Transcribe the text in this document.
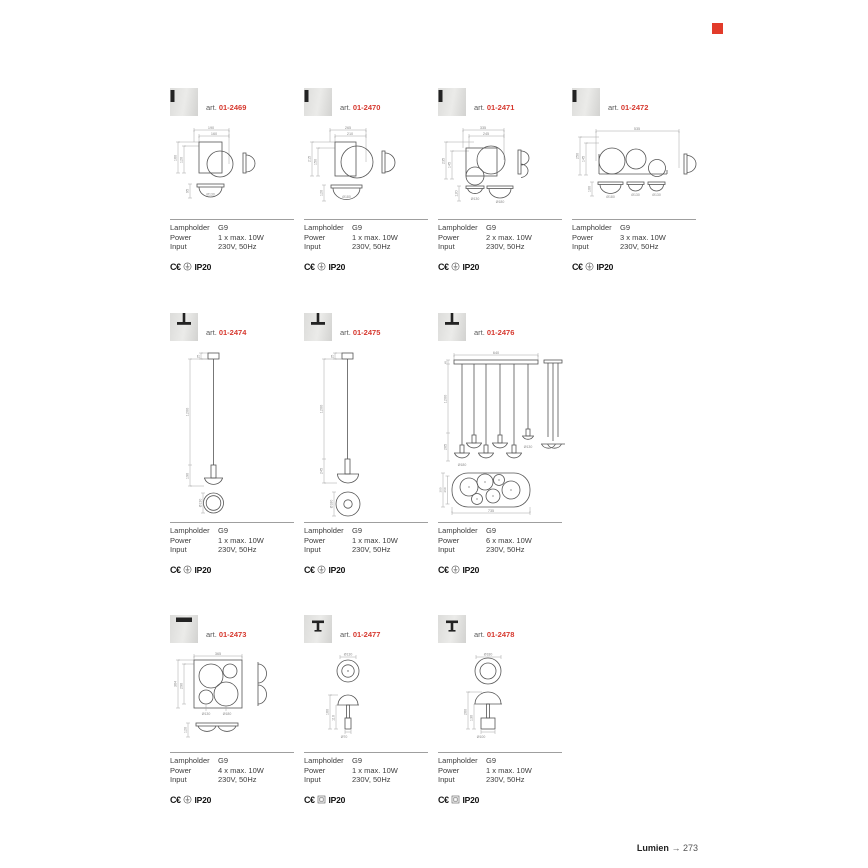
art. 01-2469
190
160
160 120
95
Ø130
Lampholder	G9
Power	1 x max. 10W
Input	230V, 50Hz
C€ IP20
art. 01-2470
265
210
215 150
120
Ø180
Lampholder	G9
Power	1 x max. 10W
Input	230V, 50Hz
C€ IP20
art. 01-2471
335
245
235
145
120
Ø130
Ø180
Lampholder	G9
Power	2 x max. 10W
Input	230V, 50Hz
C€ IP20
art. 01-2472
535
250 145
100
Ø180	Ø130	Ø130
Lampholder	G9
Power	3 x max. 10W
Input	230V, 50Hz
C€ IP20
art. 01-2474
25
1200
190
Ø130
Lampholder	G9
Power	1 x max. 10W
Input	230V, 50Hz
C€ IP20
art. 01-2475
25
1200
245
Ø180
Lampholder	G9
Power	1 x max. 10W
Input	230V, 50Hz
C€ IP20
art. 01-2476
640
45
1200
265
Ø180
Ø130
735
300 260
Lampholder	G9
Power	6 x max. 10W
Input	230V, 50Hz
C€ IP20
art. 01-2473
365
364 290
Ø130	Ø180
120
Lampholder	G9
Power	4 x max. 10W
Input	230V, 50Hz
C€ IP20
art. 01-2477
Ø130
160
110
Ø70
Lampholder	G9
Power	1 x max. 10W
Input	230V, 50Hz
C€ IP20
art. 01-2478
Ø180
260
130
Ø100
Lampholder	G9
Power	1 x max. 10W
Input	230V, 50Hz
C€ IP20
Lumien → 273
